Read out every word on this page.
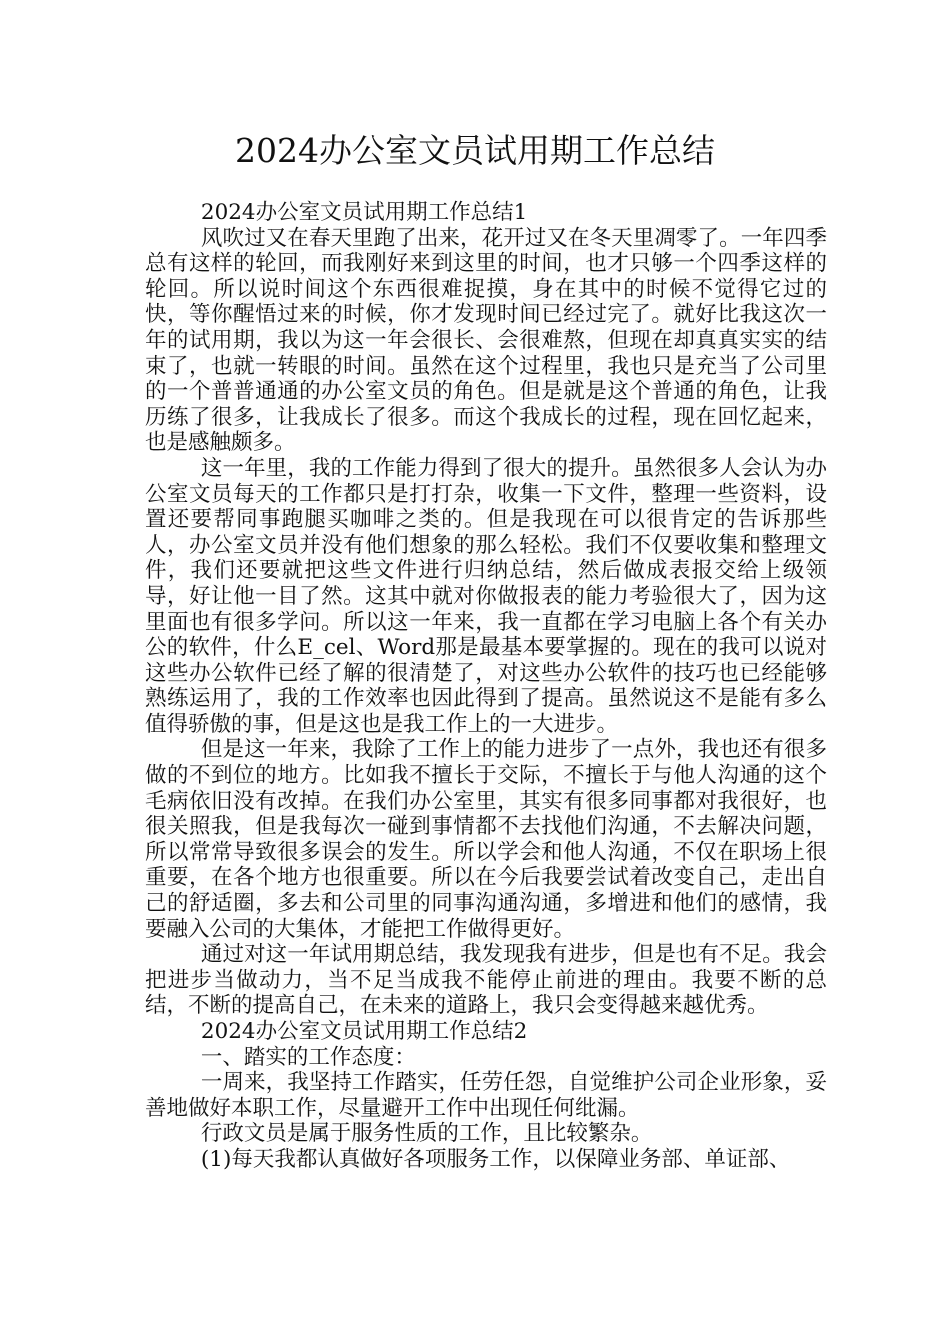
2024办公室文员试用期工作总结

2024办公室文员试用期工作总结1

风吹过又在春天里跑了出来，花开过又在冬天里凋零了。一年四季总有这样的轮回，而我刚好来到这里的时间，也才只够一个四季这样的轮回。所以说时间这个东西很难捉摸，身在其中的时候不觉得它过的快，等你醒悟过来的时候，你才发现时间已经过完了。就好比我这次一年的试用期，我以为这一年会很长、会很难熬，但现在却真真实实的结束了，也就一转眼的时间。虽然在这个过程里，我也只是充当了公司里的一个普普通通的办公室文员的角色。但是就是这个普通的角色，让我历练了很多，让我成长了很多。而这个我成长的过程，现在回忆起来，也是感触颇多。

这一年里，我的工作能力得到了很大的提升。虽然很多人会认为办公室文员每天的工作都只是打打杂，收集一下文件，整理一些资料，设置还要帮同事跑腿买咖啡之类的。但是我现在可以很肯定的告诉那些人，办公室文员并没有他们想象的那么轻松。我们不仅要收集和整理文件，我们还要就把这些文件进行归纳总结，然后做成表报交给上级领导，好让他一目了然。这其中就对你做报表的能力考验很大了，因为这里面也有很多学问。所以这一年来，我一直都在学习电脑上各个有关办公的软件，什么E_cel、Word那是最基本要掌握的。现在的我可以说对这些办公软件已经了解的很清楚了，对这些办公软件的技巧也已经能够熟练运用了，我的工作效率也因此得到了提高。虽然说这不是能有多么值得骄傲的事，但是这也是我工作上的一大进步。

但是这一年来，我除了工作上的能力进步了一点外，我也还有很多做的不到位的地方。比如我不擅长于交际，不擅长于与他人沟通的这个毛病依旧没有改掉。在我们办公室里，其实有很多同事都对我很好，也很关照我，但是我每次一碰到事情都不去找他们沟通，不去解决问题，所以常常导致很多误会的发生。所以学会和他人沟通，不仅在职场上很重要，在各个地方也很重要。所以在今后我要尝试着改变自己，走出自己的舒适圈，多去和公司里的同事沟通沟通，多增进和他们的感情，我要融入公司的大集体，才能把工作做得更好。

通过对这一年试用期总结，我发现我有进步，但是也有不足。我会把进步当做动力，当不足当成我不能停止前进的理由。我要不断的总结，不断的提高自己，在未来的道路上，我只会变得越来越优秀。

2024办公室文员试用期工作总结2

一、踏实的工作态度：

一周来，我坚持工作踏实，任劳任怨，自觉维护公司企业形象，妥善地做好本职工作，尽量避开工作中出现任何纰漏。

行政文员是属于服务性质的工作，且比较繁杂。

(1)每天我都认真做好各项服务工作，以保障业务部、单证部、
